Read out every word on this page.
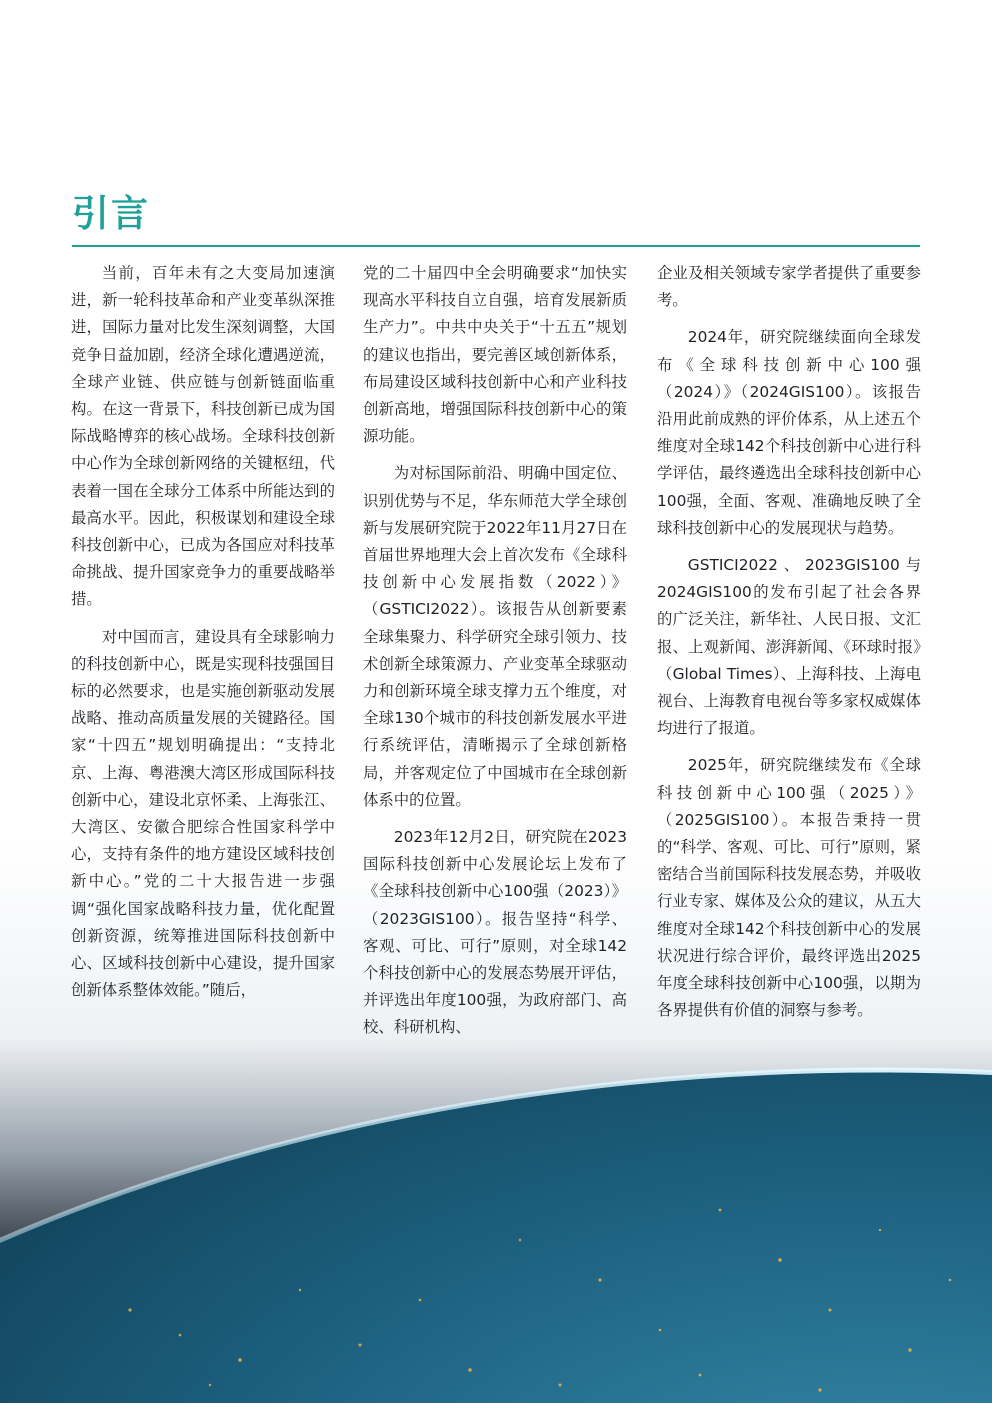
引言

当前，百年未有之大变局加速演进，新一轮科技革命和产业变革纵深推进，国际力量对比发生深刻调整，大国竞争日益加剧，经济全球化遭遇逆流，全球产业链、供应链与创新链面临重构。在这一背景下，科技创新已成为国际战略博弈的核心战场。全球科技创新中心作为全球创新网络的关键枢纽，代表着一国在全球分工体系中所能达到的最高水平。因此，积极谋划和建设全球科技创新中心，已成为各国应对科技革命挑战、提升国家竞争力的重要战略举措。

对中国而言，建设具有全球影响力的科技创新中心，既是实现科技强国目标的必然要求，也是实施创新驱动发展战略、推动高质量发展的关键路径。国家“十四五”规划明确提出：“支持北京、上海、粤港澳大湾区形成国际科技创新中心，建设北京怀柔、上海张江、大湾区、安徽合肥综合性国家科学中心，支持有条件的地方建设区域科技创新中心。”党的二十大报告进一步强调“强化国家战略科技力量，优化配置创新资源，统筹推进国际科技创新中心、区域科技创新中心建设，提升国家创新体系整体效能。”随后，

党的二十届四中全会明确要求“加快实现高水平科技自立自强，培育发展新质生产力”。中共中央关于“十五五”规划的建议也指出，要完善区域创新体系，布局建设区域科技创新中心和产业科技创新高地，增强国际科技创新中心的策源功能。

为对标国际前沿、明确中国定位、识别优势与不足，华东师范大学全球创新与发展研究院于2022年11月27日在首届世界地理大会上首次发布《全球科技创新中心发展指数（2022）》（GSTICI2022）。该报告从创新要素全球集聚力、科学研究全球引领力、技术创新全球策源力、产业变革全球驱动力和创新环境全球支撑力五个维度，对全球130个城市的科技创新发展水平进行系统评估，清晰揭示了全球创新格局，并客观定位了中国城市在全球创新体系中的位置。

2023年12月2日，研究院在2023国际科技创新中心发展论坛上发布了《全球科技创新中心100强（2023）》（2023GIS100）。报告坚持“科学、客观、可比、可行”原则，对全球142个科技创新中心的发展态势展开评估，并评选出年度100强，为政府部门、高校、科研机构、

企业及相关领域专家学者提供了重要参考。

2024年，研究院继续面向全球发布《全球科技创新中心100强（2024）》（2024GIS100）。该报告沿用此前成熟的评价体系，从上述五个维度对全球142个科技创新中心进行科学评估，最终遴选出全球科技创新中心100强，全面、客观、准确地反映了全球科技创新中心的发展现状与趋势。

GSTICI2022、2023GIS100与2024GIS100的发布引起了社会各界的广泛关注，新华社、人民日报、文汇报、上观新闻、澎湃新闻、《环球时报》（Global Times）、上海科技、上海电视台、上海教育电视台等多家权威媒体均进行了报道。

2025年，研究院继续发布《全球科技创新中心100强（2025）》（2025GIS100）。本报告秉持一贯的“科学、客观、可比、可行”原则，紧密结合当前国际科技发展态势，并吸收行业专家、媒体及公众的建议，从五大维度对全球142个科技创新中心的发展状况进行综合评价，最终评选出2025年度全球科技创新中心100强，以期为各界提供有价值的洞察与参考。
